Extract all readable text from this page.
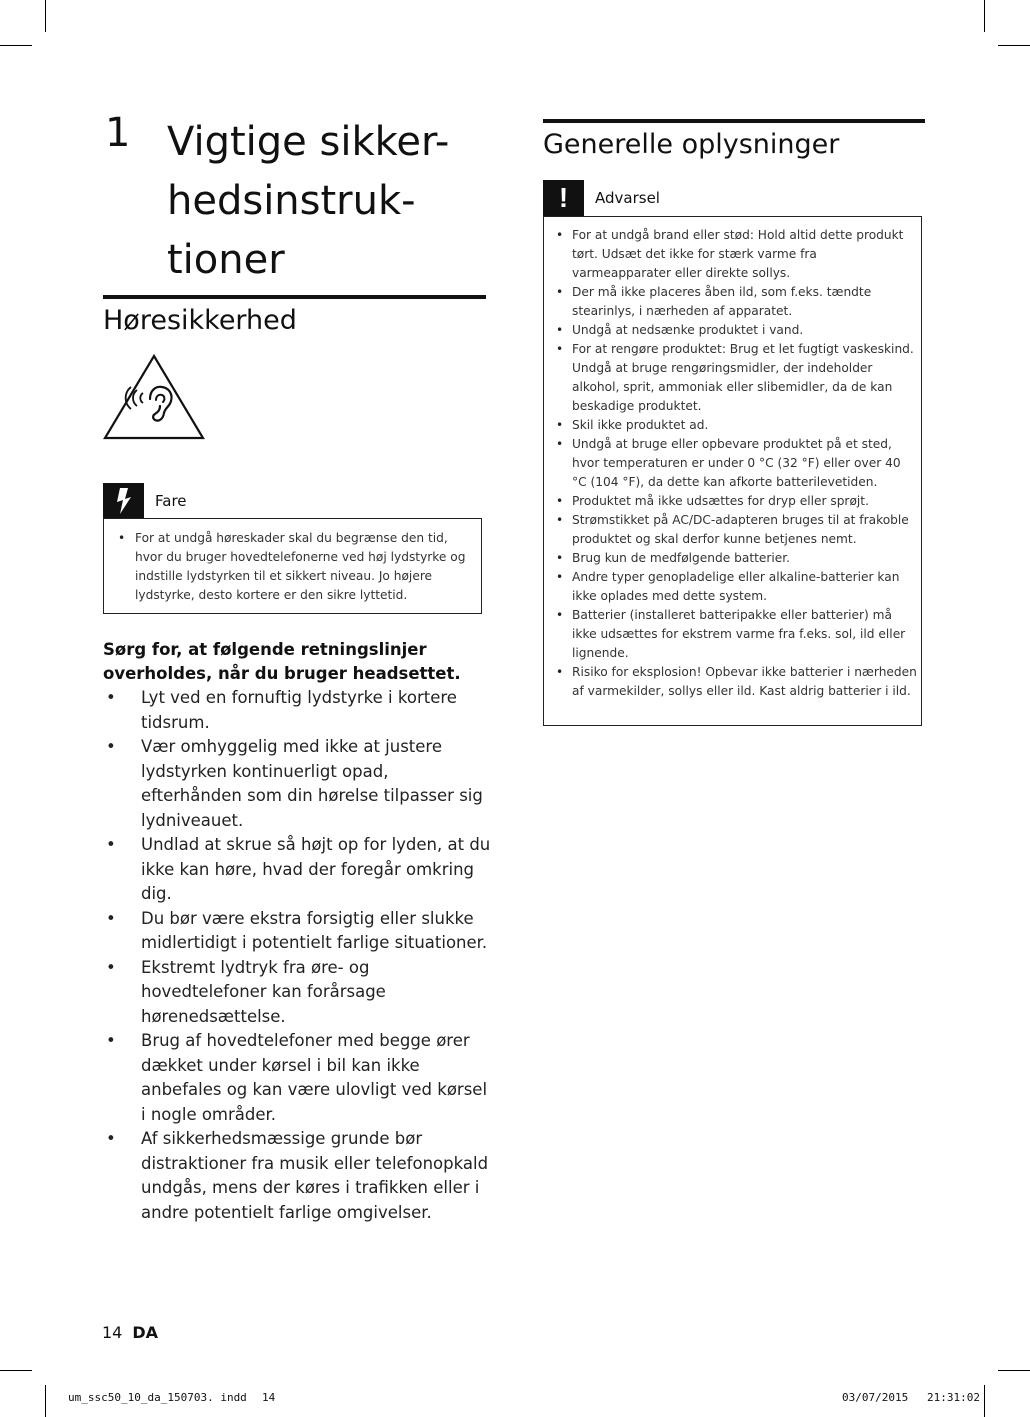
1 Vigtige sikker-
hedsinstruk-
tioner
Høresikkerhed
Fare
• For at undgå høreskader skal du begrænse den tid, hvor du bruger hovedtelefonerne ved høj lydstyrke og indstille lydstyrken til et sikkert niveau. Jo højere lydstyrke, desto kortere er den sikre lyttetid.
Sørg for, at følgende retningslinjer overholdes, når du bruger headsettet.
• Lyt ved en fornuftig lydstyrke i kortere tidsrum.
• Vær omhyggelig med ikke at justere lydstyrken kontinuerligt opad, efterhånden som din hørelse tilpasser sig lydniveauet.
• Undlad at skrue så højt op for lyden, at du ikke kan høre, hvad der foregår omkring dig.
• Du bør være ekstra forsigtig eller slukke midlertidigt i potentielt farlige situationer.
• Ekstremt lydtryk fra øre- og hovedtelefoner kan forårsage hørenedsættelse.
• Brug af hovedtelefoner med begge ører dækket under kørsel i bil kan ikke anbefales og kan være ulovligt ved kørsel i nogle områder.
• Af sikkerhedsmæssige grunde bør distraktioner fra musik eller telefonopkald undgås, mens der køres i trafikken eller i andre potentielt farlige omgivelser.
Generelle oplysninger
! Advarsel
• For at undgå brand eller stød: Hold altid dette produkt tørt. Udsæt det ikke for stærk varme fra varmeapparater eller direkte sollys.
• Der må ikke placeres åben ild, som f.eks. tændte stearinlys, i nærheden af apparatet.
• Undgå at nedsænke produktet i vand.
• For at rengøre produktet: Brug et let fugtigt vaskeskind. Undgå at bruge rengøringsmidler, der indeholder alkohol, sprit, ammoniak eller slibemidler, da de kan beskadige produktet.
• Skil ikke produktet ad.
• Undgå at bruge eller opbevare produktet på et sted, hvor temperaturen er under 0 °C (32 °F) eller over 40 °C (104 °F), da dette kan afkorte batterilevetiden.
• Produktet må ikke udsættes for dryp eller sprøjt.
• Strømstikket på AC/DC-adapteren bruges til at frakoble produktet og skal derfor kunne betjenes nemt.
• Brug kun de medfølgende batterier.
• Andre typer genopladelige eller alkaline-batterier kan ikke oplades med dette system.
• Batterier (installeret batteripakke eller batterier) må ikke udsættes for ekstrem varme fra f.eks. sol, ild eller lignende.
• Risiko for eksplosion! Opbevar ikke batterier i nærheden af varmekilder, sollys eller ild. Kast aldrig batterier i ild.
14 DA
um_ssc50_10_da_150703. indd 14	03/07/2015 21:31:02
